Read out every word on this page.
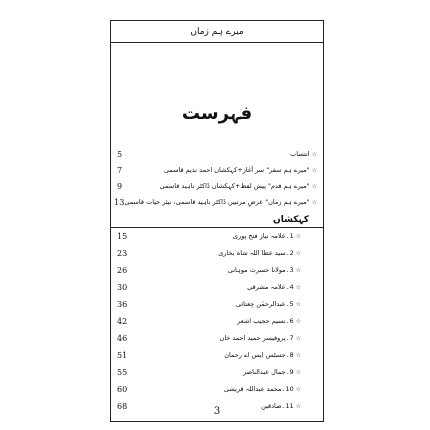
میرے ہم زماں
فہرست
☆
انتساب
5
☆
"میرے ہم سفر" سر آغاز+کہکشاں احمد ندیم قاسمی
7
☆
"میرے ہم قدم" پیش لفظ+کہکشاں ڈاکٹر ناہید قاسمی
9
☆
"میرے ہم زماں" عرضِ مرتبین ڈاکٹر ناہید قاسمی، نیئر حیات قاسمی
13
کہکشاں
☆
1۔علامہ نیاز فتح پوری
15
☆
2۔سید عطا اللہ شاہ بخاری
23
☆
3۔مولانا حسرت موہانی
26
☆
4۔علامہ مشرقی
30
☆
5۔عبدالرحمٰن چغتائی
36
☆
6۔نسیم حجیب اشعر
42
☆
7۔پروفیسر حمید احمد خاں
46
☆
8۔جسٹس ایس اے رحمان
51
☆
9۔جمال عبدالناصر
55
☆
10۔محمد عبداللہ قریشی
60
☆
11۔صادقین
68	3
